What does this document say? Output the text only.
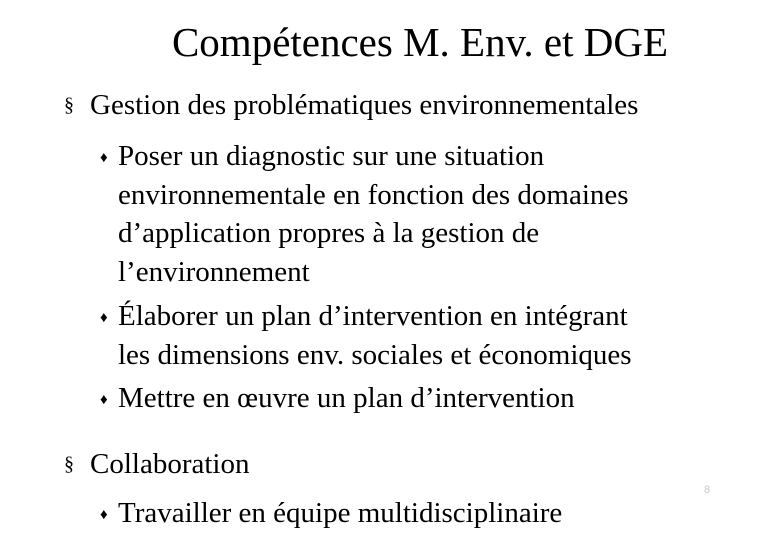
Compétences M. Env. et DGE
§ Gestion des problématiques environnementales
♦ Poser un diagnostic sur une situation
environnementale en fonction des domaines
d’application propres à la gestion de
l’environnement
♦ Élaborer un plan d’intervention en intégrant
les dimensions env. sociales et économiques
♦ Mettre en œuvre un plan d’intervention
§ Collaboration
♦ Travailler en équipe multidisciplinaire
8
